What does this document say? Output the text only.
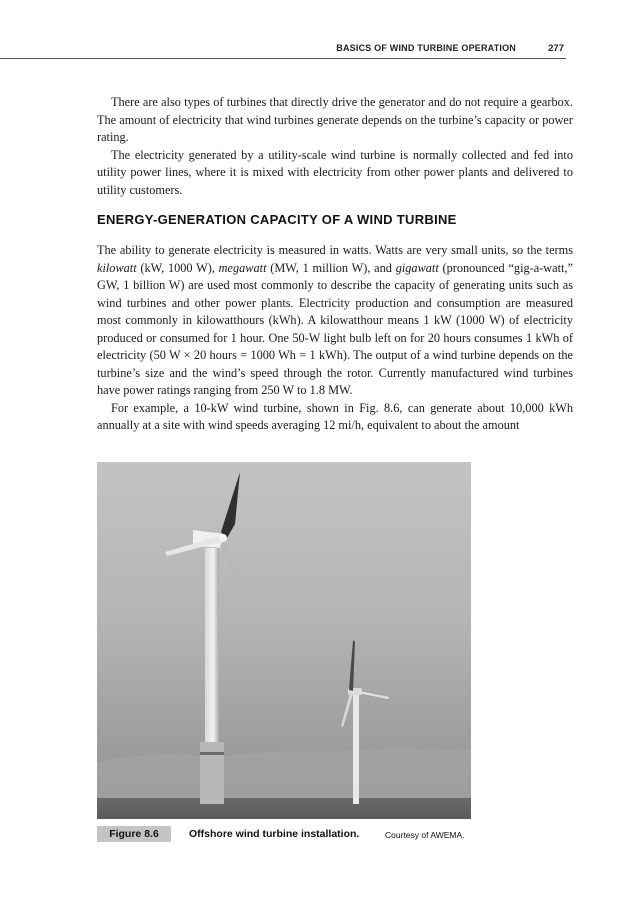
BASICS OF WIND TURBINE OPERATION	277

There are also types of turbines that directly drive the generator and do not require a gearbox. The amount of electricity that wind turbines generate depends on the turbine’s capacity or power rating.

The electricity generated by a utility-scale wind turbine is normally collected and fed into utility power lines, where it is mixed with electricity from other power plants and delivered to utility customers.

ENERGY-GENERATION CAPACITY OF A WIND TURBINE

The ability to generate electricity is measured in watts. Watts are very small units, so the terms kilowatt (kW, 1000 W), megawatt (MW, 1 million W), and gigawatt (pronounced “gig-a-watt,” GW, 1 billion W) are used most commonly to describe the capacity of generating units such as wind turbines and other power plants. Electricity production and consumption are measured most commonly in kilowatthours (kWh). A kilowatthour means 1 kW (1000 W) of electricity produced or consumed for 1 hour. One 50-W light bulb left on for 20 hours consumes 1 kWh of electricity (50 W × 20 hours = 1000 Wh = 1 kWh). The output of a wind turbine depends on the turbine’s size and the wind’s speed through the rotor. Currently manufactured wind turbines have power ratings ranging from 250 W to 1.8 MW.

For example, a 10-kW wind turbine, shown in Fig. 8.6, can generate about 10,000 kWh annually at a site with wind speeds averaging 12 mi/h, equivalent to about the amount

Figure 8.6	Offshore wind turbine installation.	Courtesy of AWEMA.
